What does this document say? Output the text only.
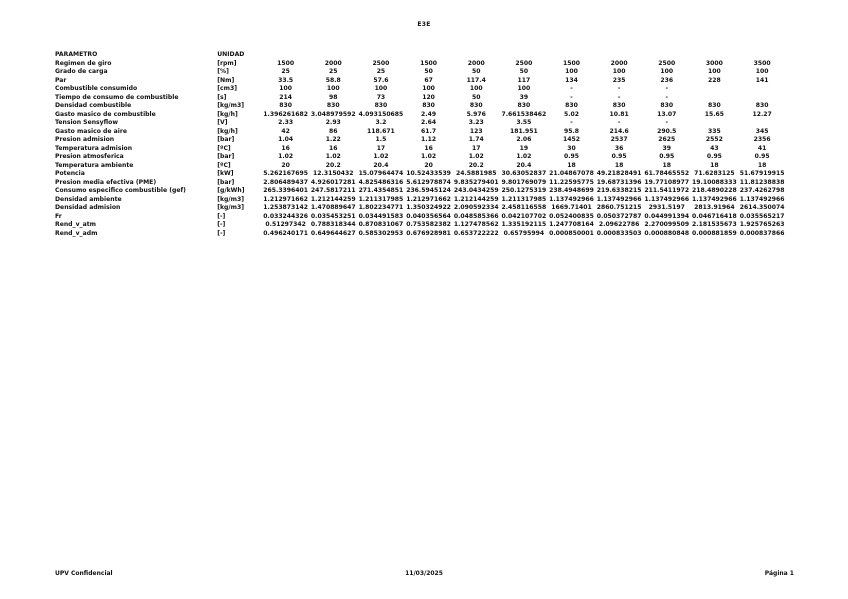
E3E
PARÁMETRO	UNIDAD											
Regimen de giro	[rpm]	1500	2000	2500	1500	2000	2500	1500	2000	2500	3000	3500
Grado de carga	[%]	25	25	25	50	50	50	100	100	100	100	100
Par	[Nm]	33.5	58.8	57.6	67	117.4	117	134	235	236	228	141
Combustible consumido	[cm3]	100	100	100	100	100	100	-	-	-		
Tiempo de consumo de combustible	[s]	214	98	73	120	50	39	-	-	-		
Densidad combustible	[kg/m3]	830	830	830	830	830	830	830	830	830	830	830
Gasto masico de combustible	[kg/h]	1.396261682	3.048979592	4.093150685	2.49	5.976	7.661538462	5.02	10.81	13.07	15.65	12.27
Tension Sensyflow	[V]	2.33	2.93	3.2	2.64	3.23	3.55	-	-	-		
Gasto masico de aire	[kg/h]	42	86	118.671	61.7	123	181.951	95.8	214.6	290.5	335	345
Presion admision	[bar]	1.04	1.22	1.5	1.12	1.74	2.06	1452	2537	2625	2552	2356
Temperatura admision	[ºC]	16	16	17	16	17	19	30	36	39	43	41
Presion atmosferica	[bar]	1.02	1.02	1.02	1.02	1.02	1.02	0.95	0.95	0.95	0.95	0.95
Temperatura ambiente	[ºC]	20	20.2	20.4	20	20.2	20.4	18	18	18	18	18
Potencia	[kW]	5.262167695	12.3150432	15.07964474	10.52433539	24.5881985	30.63052837	21.04867078	49.21828491	61.78465552	71.6283125	51.67919915
Presion media efectiva (PME)	[bar]	2.806489437	4.926017281	4.825486316	5.612978874	9.835279401	9.801769079	11.22595775	19.68731396	19.77108977	19.10088333	11.81238838
Consumo especifico combustible (gef)	[g/kWh]	265.3396401	247.5817211	271.4354851	236.5945124	243.0434259	250.1275319	238.4948699	219.6338215	211.5411972	218.4890228	237.4262798
Densidad ambiente	[kg/m3]	1.212971662	1.212144259	1.211317985	1.212971662	1.212144259	1.211317985	1.137492966	1.137492966	1.137492966	1.137492966	1.137492966
Densidad admision	[kg/m3]	1.253873142	1.470889647	1.802234771	1.350324922	2.090592334	2.458116558	1669.71401	2860.751215	2931.5197	2813.91964	2614.350074
Fr	[-]	0.033244326	0.035453251	0.034491583	0.040356564	0.048585366	0.042107702	0.052400835	0.050372787	0.044991394	0.046716418	0.035565217
Rend_v_atm	[-]	0.51297342	0.788318344	0.870831067	0.753582382	1.127478562	1.335192115	1.247708164	2.09622786	2.270099509	2.181535673	1.925765263
Rend_v_adm	[-]	0.496240171	0.649644627	0.585302953	0.676928981	0.653722222	0.65795994	0.000850001	0.000833503	0.000880848	0.000881859	0.000837866
UPV Confidencial	11/03/2025	Página 1
